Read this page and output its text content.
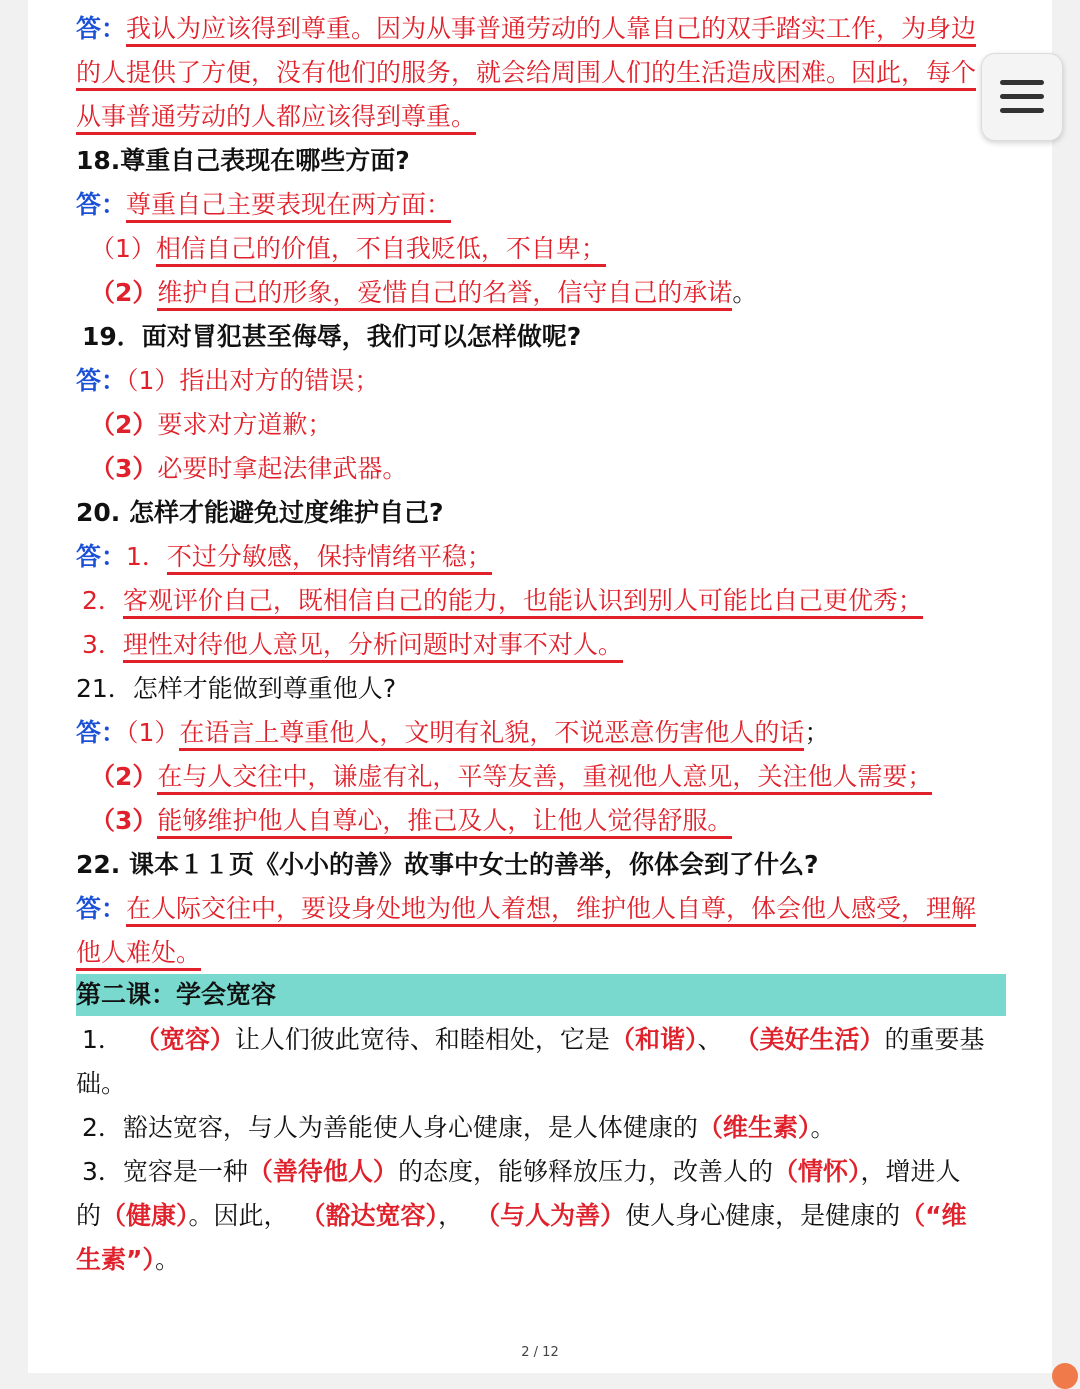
答：我认为应该得到尊重。因为从事普通劳动的人靠自己的双手踏实工作，为身边
的人提供了方便，没有他们的服务，就会给周围人们的生活造成困难。因此，每个
从事普通劳动的人都应该得到尊重。
18.尊重自己表现在哪些方面?
答：尊重自己主要表现在两方面：
（1）相信自己的价值，不自我贬低，不自卑；
（2）维护自己的形象，爱惜自己的名誉，信守自己的承诺。
19．面对冒犯甚至侮辱，我们可以怎样做呢?
答：（1）指出对方的错误；
（2）要求对方道歉；
（3）必要时拿起法律武器。
20. 怎样才能避免过度维护自己?
答：1．不过分敏感，保持情绪平稳；
2．客观评价自己，既相信自己的能力，也能认识到别人可能比自己更优秀；
3．理性对待他人意见，分析问题时对事不对人。
21．怎样才能做到尊重他人?
答：（1）在语言上尊重他人，文明有礼貌，不说恶意伤害他人的话；
（2）在与人交往中，谦虚有礼，平等友善，重视他人意见，关注他人需要；
（3）能够维护他人自尊心，推己及人，让他人觉得舒服。
22. 课本１１页《小小的善》故事中女士的善举，你体会到了什么?
答：在人际交往中，要设身处地为他人着想，维护他人自尊，体会他人感受，理解
他人难处。
1． （宽容）让人们彼此宽待、和睦相处，它是（和谐）、 （美好生活）的重要基
础。
2．豁达宽容，与人为善能使人身心健康，是人体健康的（维生素）。
3．宽容是一种（善待他人）的态度，能够释放压力，改善人的（情怀），增进人
的（健康）。因此， （豁达宽容）， （与人为善）使人身心健康，是健康的（“维
生素”）。
第二课：学会宽容
2 / 12
